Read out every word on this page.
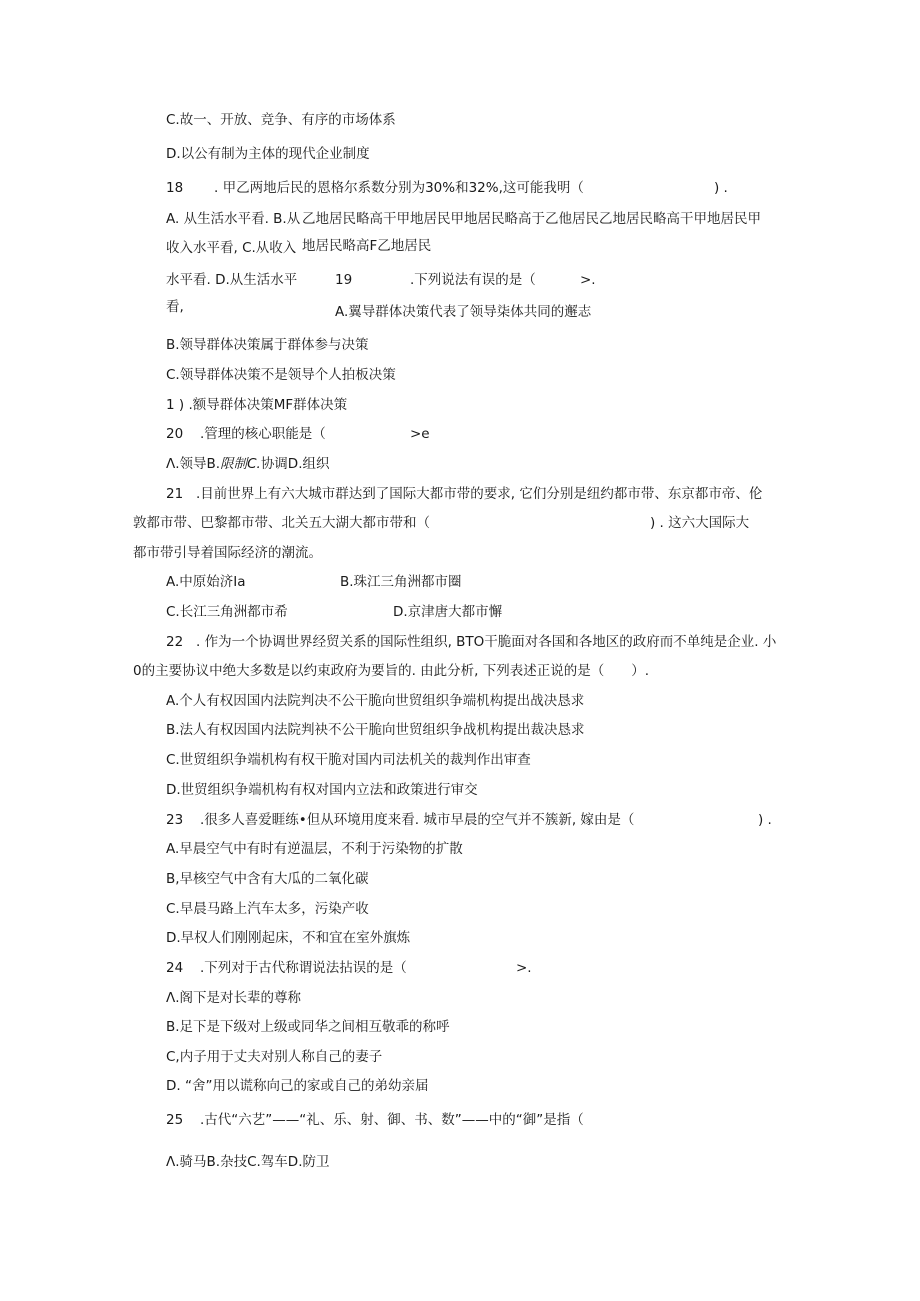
C.故一、开放、竞争、有序的市场体系
D.以公有制为主体的现代企业制度
18 . 甲乙两地后民的恩格尔系数分别为30%和32%,这可能我明（	) .
A. 从生活水平看. B.从 乙地居民略高干甲地居民甲地居民略高于乙他居民乙地居民略高干甲地居民甲
收入水平看, C.从收入 地居民略高F乙地居民
水平看. D.从生活水平	19	.下列说法有误的是（	>.
看,	A.翼导群体决策代表了领导柒体共同的邂志
B.领导群体决策属于群体参与决策
C.领导群体决策不是领导个人拍板决策
1 ) .额导群体决策MF群体决策
20 .管理的核心职能是（	>e
Λ.领导B.限制C.协调D.组织
21 .目前世界上有六大城市群达到了国际大都市带的要求, 它们分别是纽约都市带、东京都市帝、伦
敦都市带、巴黎都市带、北关五大湖大都市带和（	) . 这六大国际大
都市带引导着国际经济的潮流。
A.中原始济Ia	B.珠江三角洲都市圈
C.长江三角洲都市希	D.京津唐大都市懈
22 . 作为一个协调世界经贸关系的国际性组织, BTO干脆面对各国和各地区的政府而不单纯是企业. 小
0的主要协议中绝大多数是以约束政府为要旨的. 由此分析, 下列表述正说的是（　　）.
A.个人有权因国内法院判决不公干脆向世贸组织争端机构提出战决恳求
B.法人有权因国内法院判袂不公干脆向世贸组织争战机构提出裁决恳求
C.世贸组织争端机构有权干脆对国内司法机关的裁判作出审查
D.世贸组织争端机构有权对国内立法和政策进行审交
23 .很多人喜爱睚练•但从环境用度来看. 城市早晨的空气并不簇新, 嫁由是（	) .
A.早晨空气中有时有逆温层，不利于污染物的扩散
B,早核空气中含有大瓜的二氧化碳
C.早晨马路上汽车太多，污染产收
D.早权人们刚刚起床，不和宜在室外旗炼
24 .下列对于古代称谓说法拈误的是（	>.
Λ.阁下是对长辈的尊称
B.足下是下级对上级或同华之间相互敬乖的称呼
C,内子用于丈夫对别人称自己的妻子
D. “舍”用以谎称向己的家或自己的弟幼亲届
25 .古代“六艺”——“礼、乐、射、御、书、数”——中的“御”是指（
Λ.骑马B.杂技C.驾车D.防卫
